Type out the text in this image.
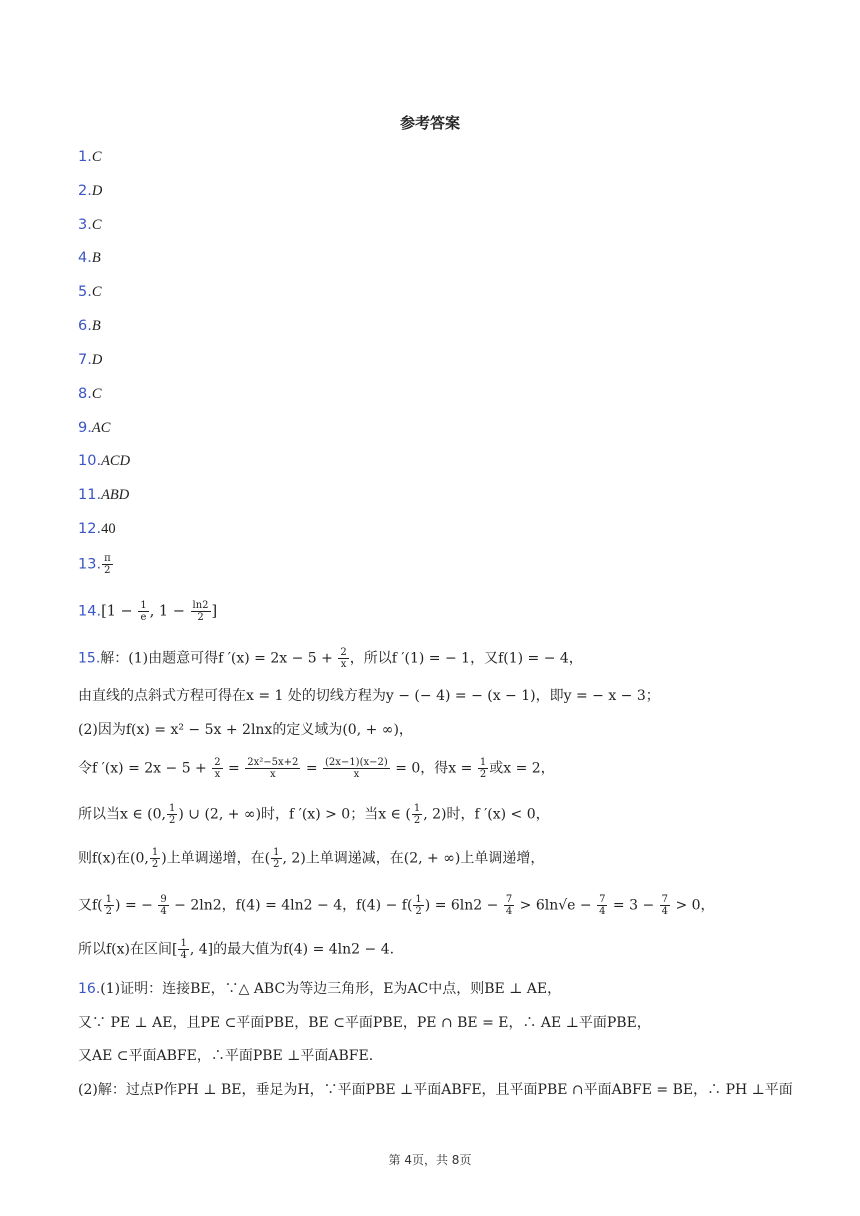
参考答案
1.C
2.D
3.C
4.B
5.C
6.B
7.D
8.C
9.AC
10.ACD
11.ABD
12.40
13. $\frac{\pi}{2}$
$14.[1 - \frac{1}{e}$ , $1 - \frac{\ln 2}{2}$ ]
15.解：(1)由题意可得f $'(x) = 2x - 5 + \frac{2}{x}$ ，所以f ′(1) = − 1，又f(1) = − 4，
由直线的点斜式方程可得在x = 1 处的切线方程为y − (− 4) = − (x − 1)，即y = − x − 3；
(2)因为f(x) = x² − 5x + 2lnx的定义域为(0, + ∞)，
令f $'(x) = 2x - 5 + \frac{2}{x} = \frac{\text{2x²−5x+2}}{x} = \frac{(2x-1)(x-2)}{x} = 0$，得$x = \frac{1}{2}$ 或x = 2，
所以当x ∈ (0, $\frac{1}{2}$ ) ∪ (2, + ∞)时，f ′(x) > 0；当x ∈ ( $\frac{1}{2}$ , 2)时，f ′(x) < 0，
则f(x)在(0, $\frac{1}{2}$ )上单调递增，在( $\frac{1}{2}$ , 2)上单调递减，在(2, + ∞)上单调递增，
又$f( \frac{1}{2}$ ) = − $\frac{9}{4} - 2\ln 2$，f(4) = 4ln2 − 4，$f(4) - f( \frac{1}{2}$ ) = $6\ln 2 - \frac{7}{4} > 6\ln√e - \frac{7}{4} = 3 - \frac{7}{4} > 0$，
所以f(x)在区间[ $\frac{1}{4}$ , 4]的最大值为f(4) = 4ln2 − 4.
16.(1)证明：连接BE，∵△ ABC为等边三角形，E为AC中点，则BE ⊥ AE，
又∵ PE ⊥ AE，且PE ⊂平面PBE，BE ⊂平面PBE，PE ∩ BE = E，∴ AE ⊥平面PBE，
又AE ⊂平面ABFE，∴平面PBE ⊥平面ABFE.
(2)解：过点P作PH ⊥ BE，垂足为H，∵平面PBE ⊥平面ABFE，且平面PBE ∩平面ABFE = BE，∴ PH ⊥平面
第 4页，共 8页
